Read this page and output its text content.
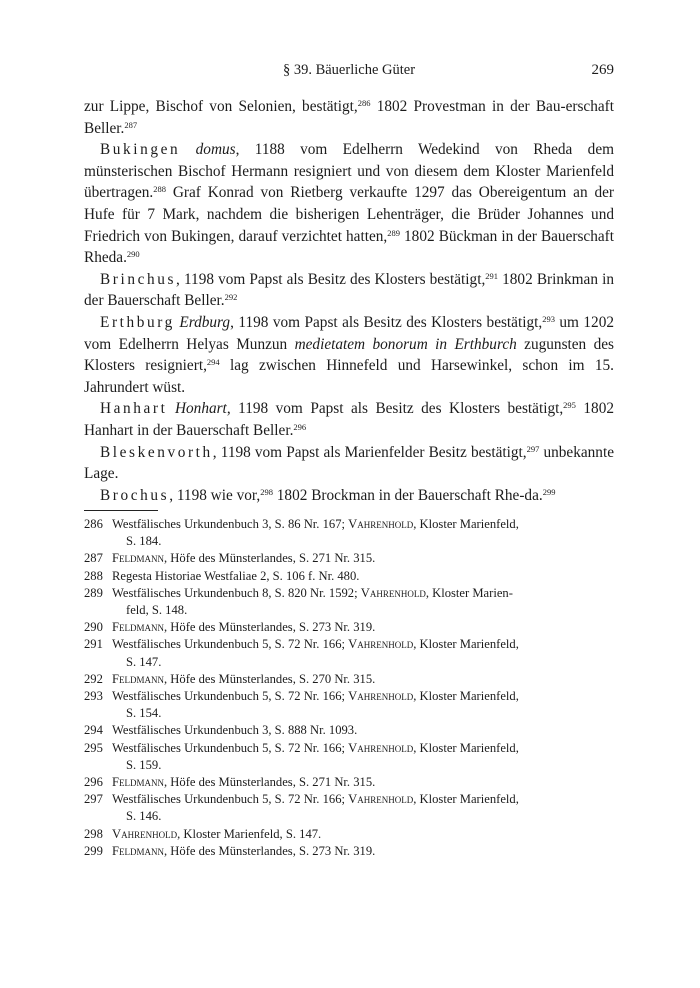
§ 39. Bäuerliche Güter	269

zur Lippe, Bischof von Selonien, bestätigt,$^{286}$ 1802 Provestman in der Bau-erschaft Beller.$^{287}$

Bukingen domus, 1188 vom Edelherrn Wedekind von Rheda dem münsterischen Bischof Hermann resigniert und von diesem dem Kloster Marienfeld übertragen.$^{288}$ Graf Konrad von Rietberg verkaufte 1297 das Obereigentum an der Hufe für 7 Mark, nachdem die bisherigen Lehenträger, die Brüder Johannes und Friedrich von Bukingen, darauf verzichtet hatten,$^{289}$ 1802 Bückman in der Bauerschaft Rheda.$^{290}$

Brinchus, 1198 vom Papst als Besitz des Klosters bestätigt,$^{291}$ 1802 Brinkman in der Bauerschaft Beller.$^{292}$

Erthburg Erdburg, 1198 vom Papst als Besitz des Klosters bestätigt,$^{293}$ um 1202 vom Edelherrn Helyas Munzun medietatem bonorum in Erthburch zugunsten des Klosters resigniert,$^{294}$ lag zwischen Hinnefeld und Harsewinkel, schon im 15. Jahrundert wüst.

Hanhart Honhart, 1198 vom Papst als Besitz des Klosters bestätigt,$^{295}$ 1802 Hanhart in der Bauerschaft Beller.$^{296}$

Bleskenvorth, 1198 vom Papst als Marienfelder Besitz bestätigt,$^{297}$ unbekannte Lage.

Brochus, 1198 wie vor,$^{298}$ 1802 Brockman in der Bauerschaft Rhe-da.$^{299}$

286 Westfälisches Urkundenbuch 3, S. 86 Nr. 167; Vahrenhold, Kloster Marienfeld,
S. 184.
287 Feldmann, Höfe des Münsterlandes, S. 271 Nr. 315.
288 Regesta Historiae Westfaliae 2, S. 106 f. Nr. 480.
289 Westfälisches Urkundenbuch 8, S. 820 Nr. 1592; Vahrenhold, Kloster Marien-
feld, S. 148.
290 Feldmann, Höfe des Münsterlandes, S. 273 Nr. 319.
291 Westfälisches Urkundenbuch 5, S. 72 Nr. 166; Vahrenhold, Kloster Marienfeld,
S. 147.
292 Feldmann, Höfe des Münsterlandes, S. 270 Nr. 315.
293 Westfälisches Urkundenbuch 5, S. 72 Nr. 166; Vahrenhold, Kloster Marienfeld,
S. 154.
294 Westfälisches Urkundenbuch 3, S. 888 Nr. 1093.
295 Westfälisches Urkundenbuch 5, S. 72 Nr. 166; Vahrenhold, Kloster Marienfeld,
S. 159.
296 Feldmann, Höfe des Münsterlandes, S. 271 Nr. 315.
297 Westfälisches Urkundenbuch 5, S. 72 Nr. 166; Vahrenhold, Kloster Marienfeld,
S. 146.
298 Vahrenhold, Kloster Marienfeld, S. 147.
299 Feldmann, Höfe des Münsterlandes, S. 273 Nr. 319.
